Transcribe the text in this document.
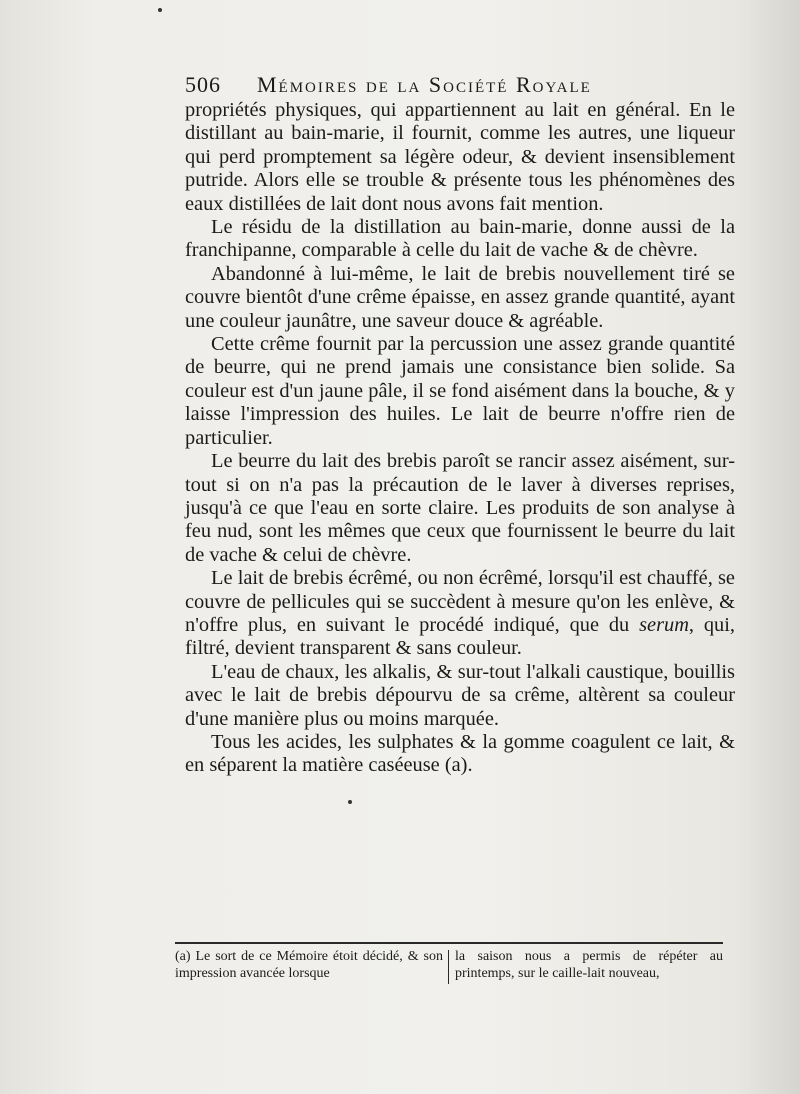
506 Mémoires de la Société Royale

propriétés physiques, qui appartiennent au lait en général. En le distillant au bain-marie, il fournit, comme les autres, une liqueur qui perd promptement sa légère odeur, & devient insensiblement putride. Alors elle se trouble & présente tous les phénomènes des eaux distillées de lait dont nous avons fait mention.

Le résidu de la distillation au bain-marie, donne aussi de la franchipanne, comparable à celle du lait de vache & de chèvre.

Abandonné à lui-même, le lait de brebis nouvellement tiré se couvre bientôt d'une crême épaisse, en assez grande quantité, ayant une couleur jaunâtre, une saveur douce & agréable.

Cette crême fournit par la percussion une assez grande quantité de beurre, qui ne prend jamais une consistance bien solide. Sa couleur est d'un jaune pâle, il se fond aisément dans la bouche, & y laisse l'impression des huiles. Le lait de beurre n'offre rien de particulier.

Le beurre du lait des brebis paroît se rancir assez aisément, sur-tout si on n'a pas la précaution de le laver à diverses reprises, jusqu'à ce que l'eau en sorte claire. Les produits de son analyse à feu nud, sont les mêmes que ceux que fournissent le beurre du lait de vache & celui de chèvre.

Le lait de brebis écrêmé, ou non écrêmé, lorsqu'il est chauffé, se couvre de pellicules qui se succèdent à mesure qu'on les enlève, & n'offre plus, en suivant le procédé indiqué, que du serum, qui, filtré, devient transparent & sans couleur.

L'eau de chaux, les alkalis, & sur-tout l'alkali caustique, bouillis avec le lait de brebis dépourvu de sa crême, altèrent sa couleur d'une manière plus ou moins marquée.

Tous les acides, les sulphates & la gomme coagulent ce lait, & en séparent la matière caséeuse (a).

(a) Le sort de ce Mémoire étoit décidé, & son impression avancée lorsque
la saison nous a permis de répéter au printemps, sur le caille-lait nouveau,
